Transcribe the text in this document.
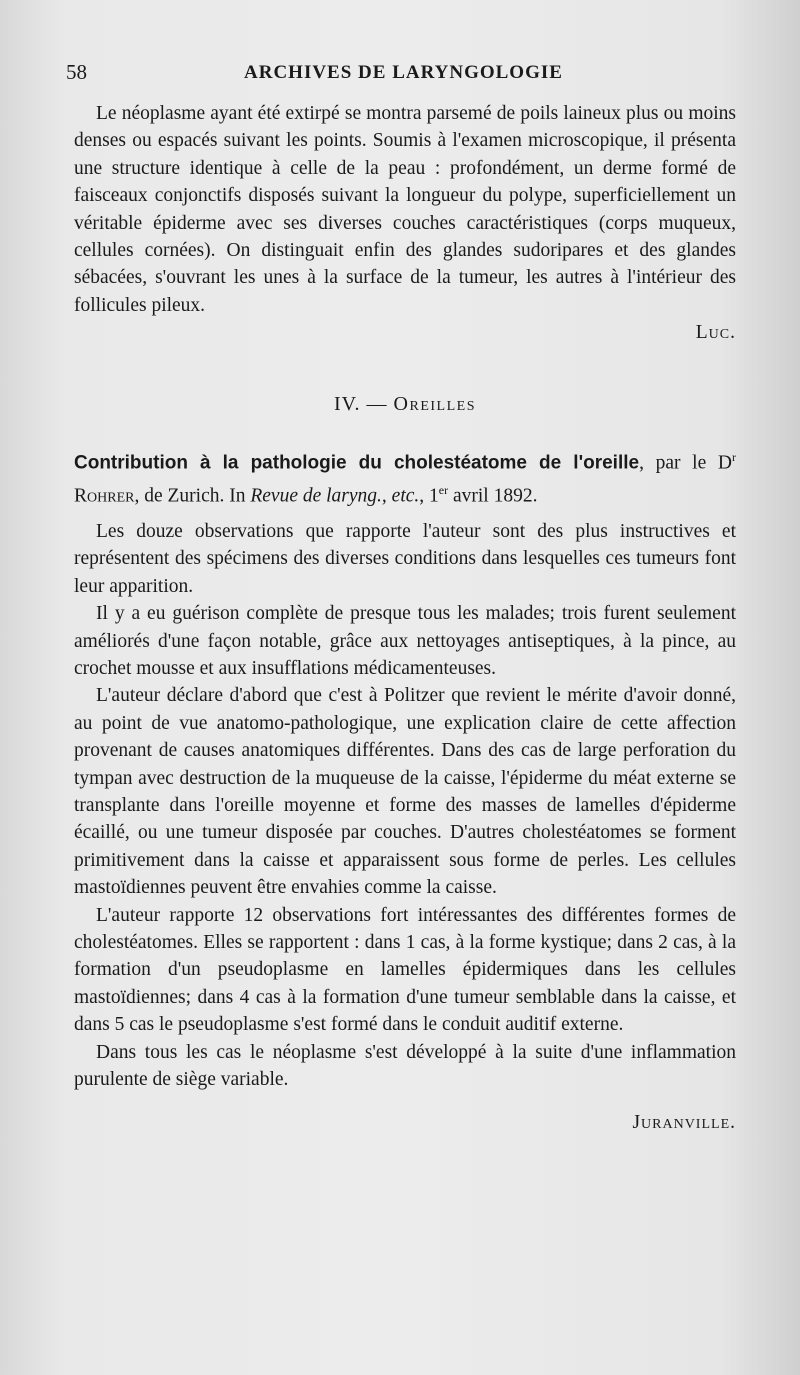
58	ARCHIVES DE LARYNGOLOGIE

Le néoplasme ayant été extirpé se montra parsemé de poils laineux plus ou moins denses ou espacés suivant les points. Soumis à l'examen microscopique, il présenta une structure identique à celle de la peau : profondément, un derme formé de faisceaux conjonctifs disposés suivant la longueur du polype, superficiellement un véritable épiderme avec ses diverses couches caractéristiques (corps muqueux, cellules cornées). On distinguait enfin des glandes sudoripares et des glandes sébacées, s'ouvrant les unes à la surface de la tumeur, les autres à l'intérieur des follicules pileux.

Luc.

IV. — Oreilles

Contribution à la pathologie du cholestéatome de l'oreille, par le $D^r$ Rohrer, de Zurich. In Revue de laryng., etc., 1er avril 1892.

Les douze observations que rapporte l'auteur sont des plus instructives et représentent des spécimens des diverses conditions dans lesquelles ces tumeurs font leur apparition.

Il y a eu guérison complète de presque tous les malades; trois furent seulement améliorés d'une façon notable, grâce aux nettoyages antiseptiques, à la pince, au crochet mousse et aux insufflations médicamenteuses.

L'auteur déclare d'abord que c'est à Politzer que revient le mérite d'avoir donné, au point de vue anatomo-pathologique, une explication claire de cette affection provenant de causes anatomiques différentes. Dans des cas de large perforation du tympan avec destruction de la muqueuse de la caisse, l'épiderme du méat externe se transplante dans l'oreille moyenne et forme des masses de lamelles d'épiderme écaillé, ou une tumeur disposée par couches. D'autres cholestéatomes se forment primitivement dans la caisse et apparaissent sous forme de perles. Les cellules mastoïdiennes peuvent être envahies comme la caisse.

L'auteur rapporte 12 observations fort intéressantes des différentes formes de cholestéatomes. Elles se rapportent : dans 1 cas, à la forme kystique; dans 2 cas, à la formation d'un pseudoplasme en lamelles épidermiques dans les cellules mastoïdiennes; dans 4 cas à la formation d'une tumeur semblable dans la caisse, et dans 5 cas le pseudoplasme s'est formé dans le conduit auditif externe.

Dans tous les cas le néoplasme s'est développé à la suite d'une inflammation purulente de siège variable.

Juranville.
